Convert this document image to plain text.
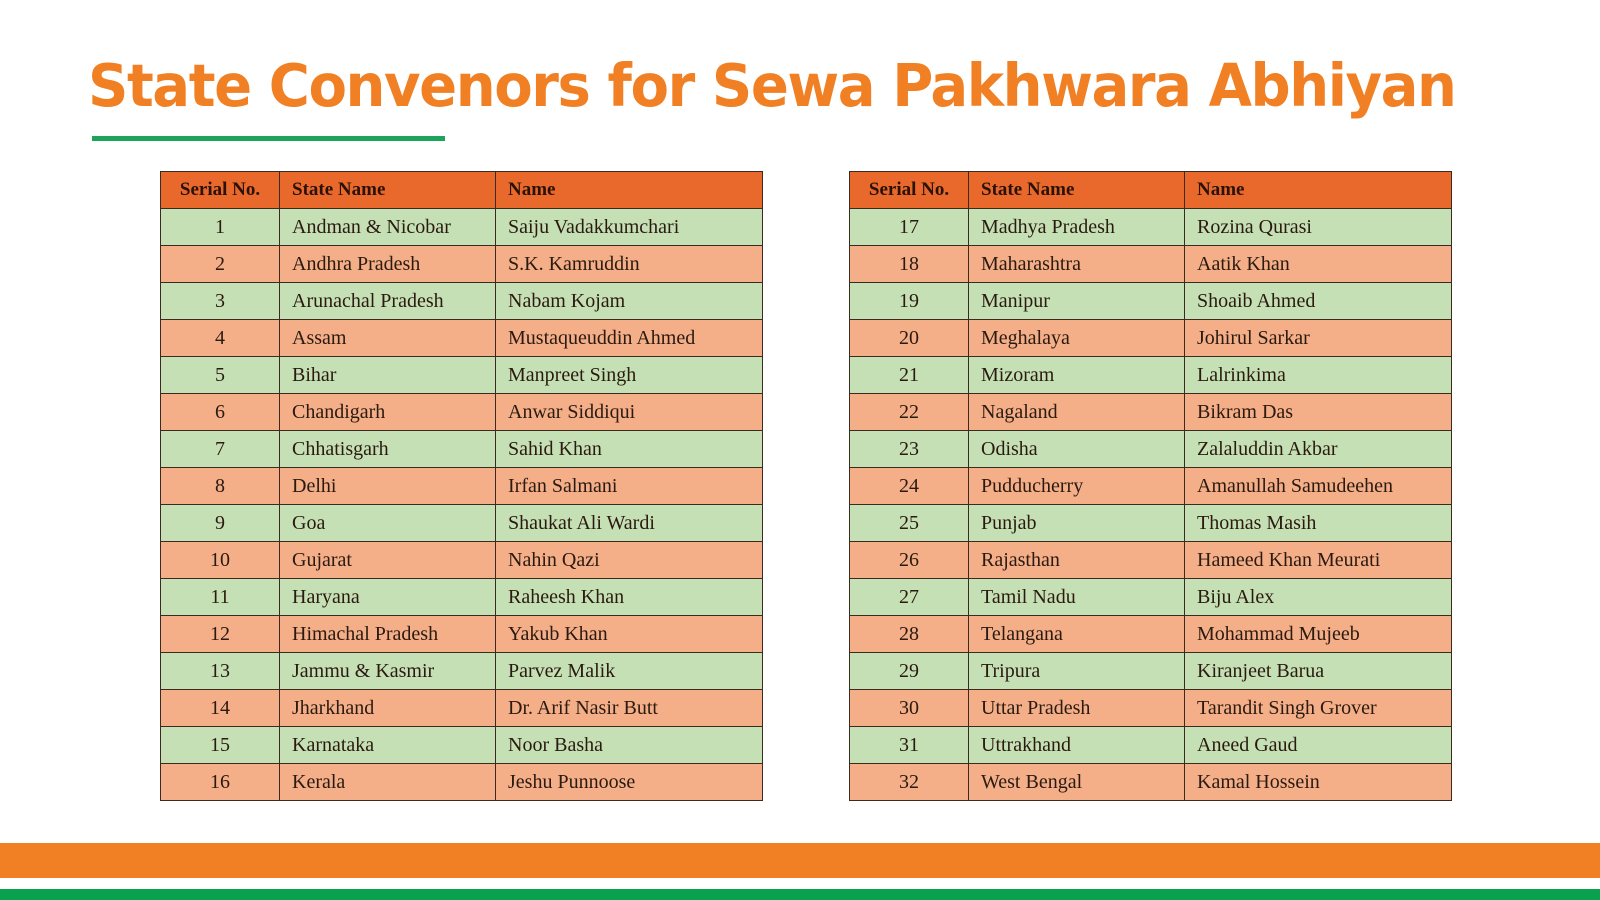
State Convenors for Sewa Pakhwara Abhiyan
Serial No.	State Name	Name
1	Andman & Nicobar	Saiju Vadakkumchari
2	Andhra Pradesh	S.K. Kamruddin
3	Arunachal Pradesh	Nabam Kojam
4	Assam	Mustaqueuddin Ahmed
5	Bihar	Manpreet Singh
6	Chandigarh	Anwar Siddiqui
7	Chhatisgarh	Sahid Khan
8	Delhi	Irfan Salmani
9	Goa	Shaukat Ali Wardi
10	Gujarat	Nahin Qazi
11	Haryana	Raheesh Khan
12	Himachal Pradesh	Yakub Khan
13	Jammu & Kasmir	Parvez Malik
14	Jharkhand	Dr. Arif Nasir Butt
15	Karnataka	Noor Basha
16	Kerala	Jeshu Punnoose
Serial No.	State Name	Name
17	Madhya Pradesh	Rozina Qurasi
18	Maharashtra	Aatik Khan
19	Manipur	Shoaib Ahmed
20	Meghalaya	Johirul Sarkar
21	Mizoram	Lalrinkima
22	Nagaland	Bikram Das
23	Odisha	Zalaluddin Akbar
24	Pudducherry	Amanullah Samudeehen
25	Punjab	Thomas Masih
26	Rajasthan	Hameed Khan Meurati
27	Tamil Nadu	Biju Alex
28	Telangana	Mohammad Mujeeb
29	Tripura	Kiranjeet Barua
30	Uttar Pradesh	Tarandit Singh Grover
31	Uttrakhand	Aneed Gaud
32	West Bengal	Kamal Hossein
